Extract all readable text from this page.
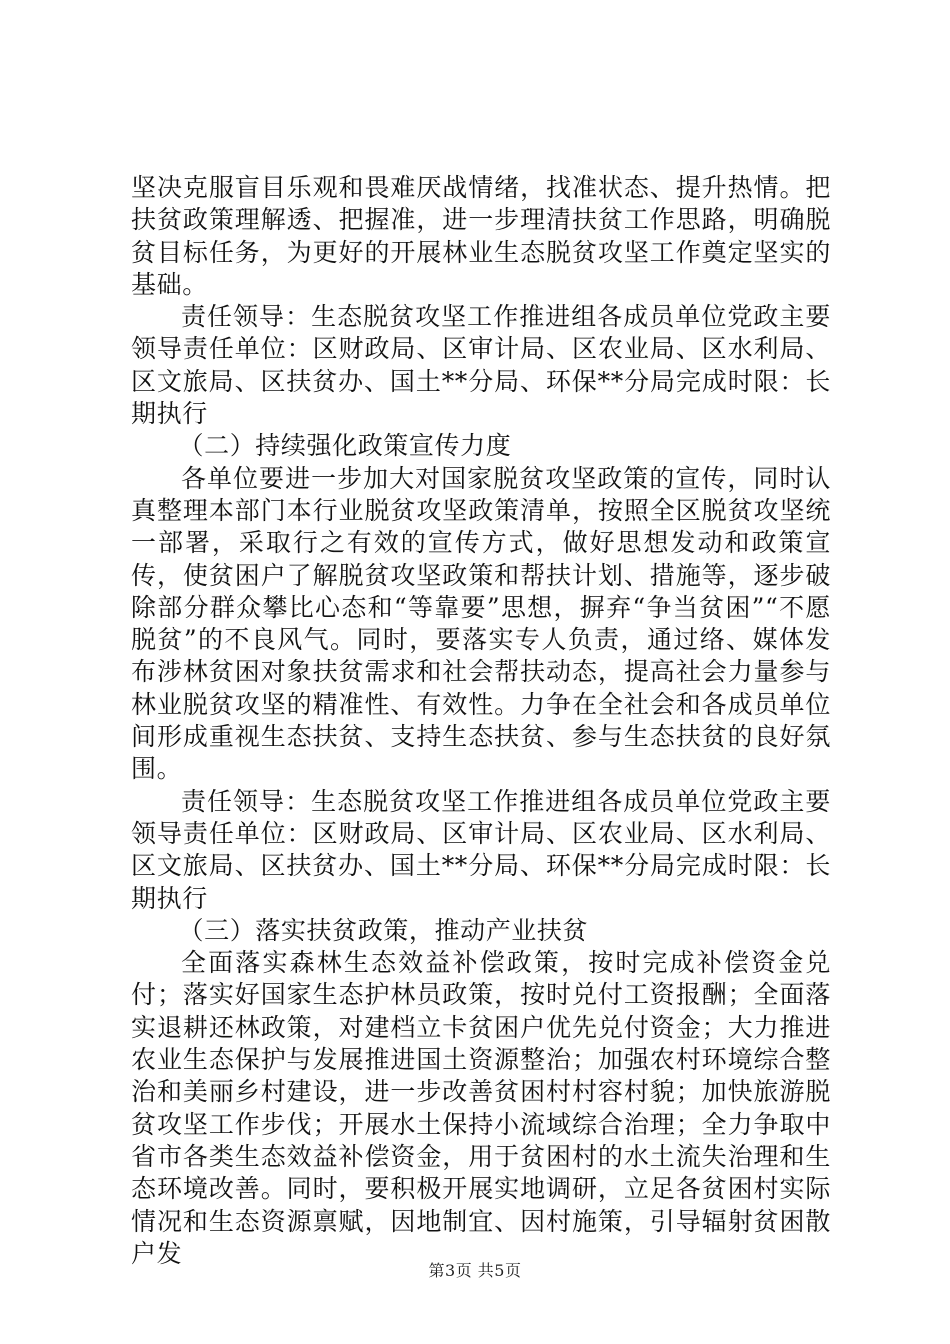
坚决克服盲目乐观和畏难厌战情绪，找准状态、提升热情。把扶贫政策理解透、把握准，进一步理清扶贫工作思路，明确脱贫目标任务，为更好的开展林业生态脱贫攻坚工作奠定坚实的基础。

责任领导：生态脱贫攻坚工作推进组各成员单位党政主要领导责任单位：区财政局、区审计局、区农业局、区水利局、区文旅局、区扶贫办、国土**分局、环保**分局完成时限：长期执行

（二）持续强化政策宣传力度

各单位要进一步加大对国家脱贫攻坚政策的宣传，同时认真整理本部门本行业脱贫攻坚政策清单，按照全区脱贫攻坚统一部署，采取行之有效的宣传方式，做好思想发动和政策宣传，使贫困户了解脱贫攻坚政策和帮扶计划、措施等，逐步破除部分群众攀比心态和“等靠要”思想，摒弃“争当贫困”“不愿脱贫”的不良风气。同时，要落实专人负责，通过络、媒体发布涉林贫困对象扶贫需求和社会帮扶动态，提高社会力量参与林业脱贫攻坚的精准性、有效性。力争在全社会和各成员单位间形成重视生态扶贫、支持生态扶贫、参与生态扶贫的良好氛围。

责任领导：生态脱贫攻坚工作推进组各成员单位党政主要领导责任单位：区财政局、区审计局、区农业局、区水利局、区文旅局、区扶贫办、国土**分局、环保**分局完成时限：长期执行

（三）落实扶贫政策，推动产业扶贫

全面落实森林生态效益补偿政策，按时完成补偿资金兑付；落实好国家生态护林员政策，按时兑付工资报酬；全面落实退耕还林政策，对建档立卡贫困户优先兑付资金；大力推进农业生态保护与发展推进国土资源整治；加强农村环境综合整治和美丽乡村建设，进一步改善贫困村村容村貌；加快旅游脱贫攻坚工作步伐；开展水土保持小流域综合治理；全力争取中省市各类生态效益补偿资金，用于贫困村的水土流失治理和生态环境改善。同时，要积极开展实地调研，立足各贫困村实际情况和生态资源禀赋，因地制宜、因村施策，引导辐射贫困散户发

第3页 共5页
